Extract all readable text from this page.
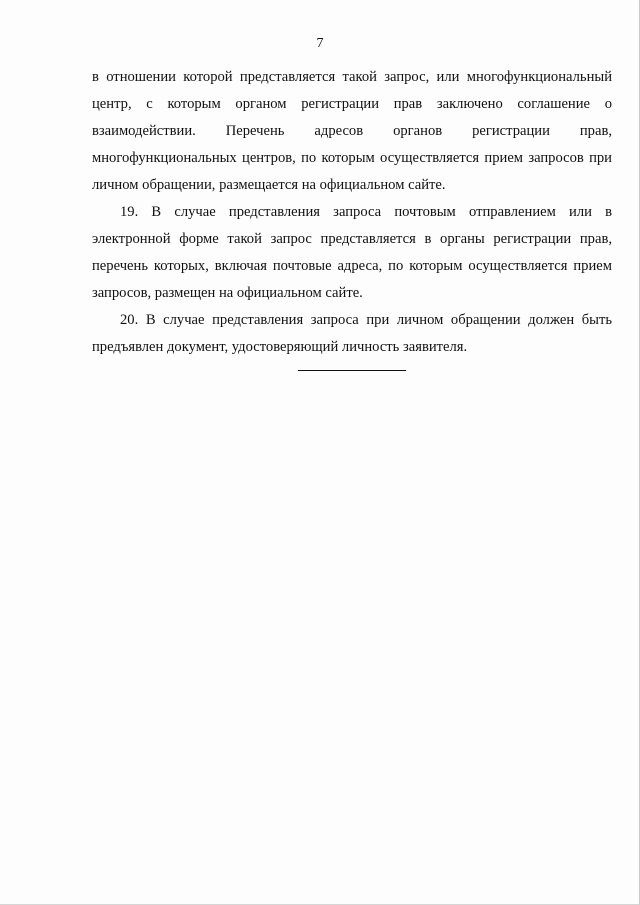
7

в отношении которой представляется такой запрос, или многофункциональный центр, с которым органом регистрации прав заключено соглашение о взаимодействии. Перечень адресов органов регистрации прав, многофункциональных центров, по которым осуществляется прием запросов при личном обращении, размещается на официальном сайте.

19. В случае представления запроса почтовым отправлением или в электронной форме такой запрос представляется в органы регистрации прав, перечень которых, включая почтовые адреса, по которым осуществляется прием запросов, размещен на официальном сайте.

20. В случае представления запроса при личном обращении должен быть предъявлен документ, удостоверяющий личность заявителя.
